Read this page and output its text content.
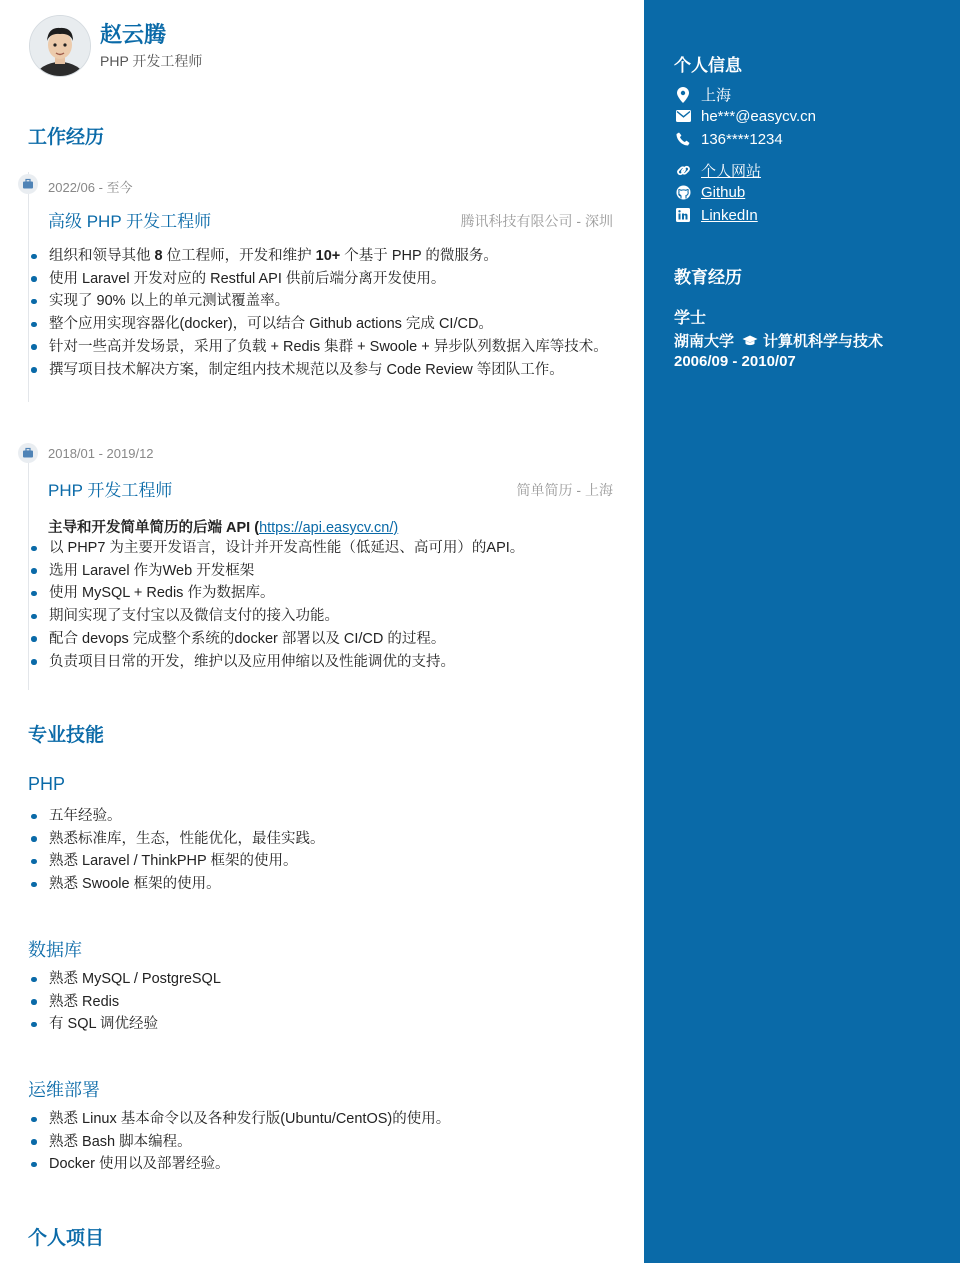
赵云腾
PHP 开发工程师
工作经历
2022/06 - 至今
高级 PHP 开发工程师	腾讯科技有限公司 - 深圳
组织和领导其他 8 位工程师，开发和维护 10+ 个基于 PHP 的微服务。
使用 Laravel 开发对应的 Restful API 供前后端分离开发使用。
实现了 90% 以上的单元测试覆盖率。
整个应用实现容器化(docker)，可以结合 Github actions 完成 CI/CD。
针对一些高并发场景，采用了负载 + Redis 集群 + Swoole + 异步队列数据入库等技术。
撰写项目技术解决方案，制定组内技术规范以及参与 Code Review 等团队工作。
2018/01 - 2019/12
PHP 开发工程师	简单简历 - 上海
主导和开发简单简历的后端 API (https://api.easycv.cn/)
以 PHP7 为主要开发语言，设计并开发高性能（低延迟、高可用）的API。
选用 Laravel 作为Web 开发框架
使用 MySQL + Redis 作为数据库。
期间实现了支付宝以及微信支付的接入功能。
配合 devops 完成整个系统的docker 部署以及 CI/CD 的过程。
负责项目日常的开发，维护以及应用伸缩以及性能调优的支持。
专业技能
PHP
五年经验。
熟悉标准库，生态，性能优化，最佳实践。
熟悉 Laravel / ThinkPHP 框架的使用。
熟悉 Swoole 框架的使用。
数据库
熟悉 MySQL / PostgreSQL
熟悉 Redis
有 SQL 调优经验
运维部署
熟悉 Linux 基本命令以及各种发行版(Ubuntu/CentOS)的使用。
熟悉 Bash 脚本编程。
Docker 使用以及部署经验。
个人项目
个人信息
上海
he***@easycv.cn
136****1234
个人网站
Github
LinkedIn
教育经历
学士
湖南大学 计算机科学与技术
2006/09 - 2010/07
